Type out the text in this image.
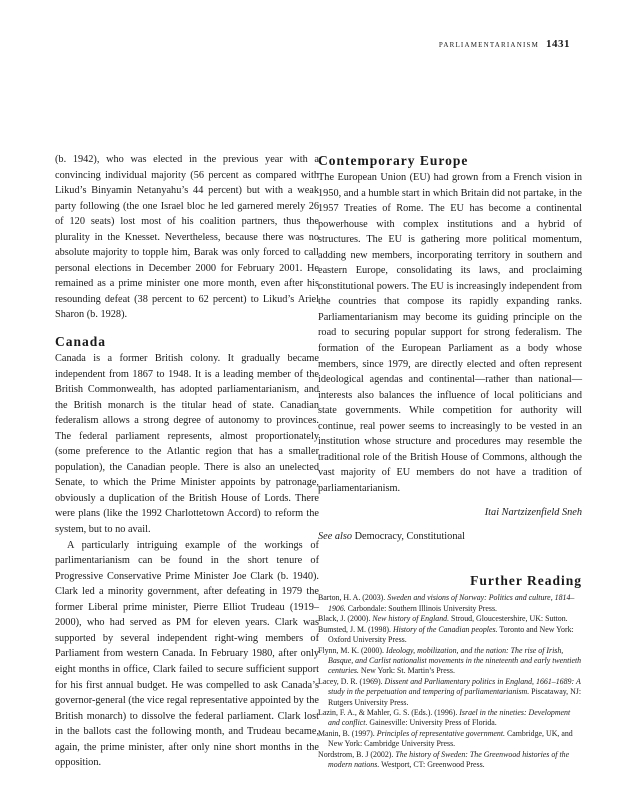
parliamentarianism 1431

(b. 1942), who was elected in the previous year with a convincing individual majority (56 percent as compared with Likud’s Binyamin Netanyahu’s 44 percent) but with a weak party following (the one Israel bloc he led garnered merely 26 of 120 seats) lost most of his coalition partners, thus the plurality in the Knesset. Nevertheless, because there was no absolute majority to topple him, Barak was only forced to call personal elections in December 2000 for February 2001. He remained as a prime minister one more month, even after his resounding defeat (38 percent to 62 percent) to Likud’s Ariel Sharon (b. 1928).

Canada

Canada is a former British colony. It gradually became independent from 1867 to 1948. It is a leading member of the British Commonwealth, has adopted parliamentarianism, and the British monarch is the titular head of state. Canadian federalism allows a strong degree of autonomy to provinces. The federal parliament represents, almost proportionately (some preference to the Atlantic region that has a smaller population), the Canadian people. There is also an unelected Senate, to which the Prime Minister appoints by patronage, obviously a duplication of the British House of Lords. There were plans (like the 1992 Charlottetown Accord) to reform the system, but to no avail.

A particularly intriguing example of the workings of parlimentarianism can be found in the short tenure of Progressive Conservative Prime Minister Joe Clark (b. 1940). Clark led a minority government, after defeating in 1979 the former Liberal prime minister, Pierre Elliot Trudeau (1919–2000), who had served as PM for eleven years. Clark was supported by several independent right-wing members of Parliament from western Canada. In February 1980, after only eight months in office, Clark failed to secure sufficient support for his first annual budget. He was compelled to ask Canada’s governor-general (the vice regal representative appointed by the British monarch) to dissolve the federal parliament. Clark lost in the ballots cast the following month, and Trudeau became, again, the prime minister, after only nine short months in the opposition.

Contemporary Europe

The European Union (EU) had grown from a French vision in 1950, and a humble start in which Britain did not partake, in the 1957 Treaties of Rome. The EU has become a continental powerhouse with complex institutions and a hybrid of structures. The EU is gathering more political momentum, adding new members, incorporating territory in southern and eastern Europe, consolidating its laws, and proclaiming constitutional powers. The EU is increasingly independent from the countries that compose its rapidly expanding ranks. Parliamentarianism may become its guiding principle on the road to securing popular support for strong federalism. The formation of the European Parliament as a body whose members, since 1979, are directly elected and often represent ideological agendas and continental—rather than national—interests also balances the influence of local politicians and state governments. While competition for authority will continue, real power seems to increasingly to be vested in an institution whose structure and procedures may resemble the traditional role of the British House of Commons, although the vast majority of EU members do not have a tradition of parliamentarianism.

Itai Nartzizenfield Sneh

See also Democracy, Constitutional

Further Reading
Barton, H. A. (2003). Sweden and visions of Norway: Politics and culture, 1814–1906. Carbondale: Southern Illinois University Press.
Black, J. (2000). New history of England. Stroud, Gloucestershire, UK: Sutton.
Bumsted, J. M. (1998). History of the Canadian peoples. Toronto and New York: Oxford University Press.
Flynn, M. K. (2000). Ideology, mobilization, and the nation: The rise of Irish, Basque, and Carlist nationalist movements in the nineteenth and early twentieth centuries. New York: St. Martin’s Press.
Lacey, D. R. (1969). Dissent and Parliamentary politics in England, 1661–1689: A study in the perpetuation and tempering of parliamentarianism. Piscataway, NJ: Rutgers University Press.
Lazin, F. A., & Mahler, G. S. (Eds.). (1996). Israel in the nineties: Development and conflict. Gainesville: University Press of Florida.
Manin, B. (1997). Principles of representative government. Cambridge, UK, and New York: Cambridge University Press.
Nordstrom, B. J (2002). The history of Sweden: The Greenwood histories of the modern nations. Westport, CT: Greenwood Press.
